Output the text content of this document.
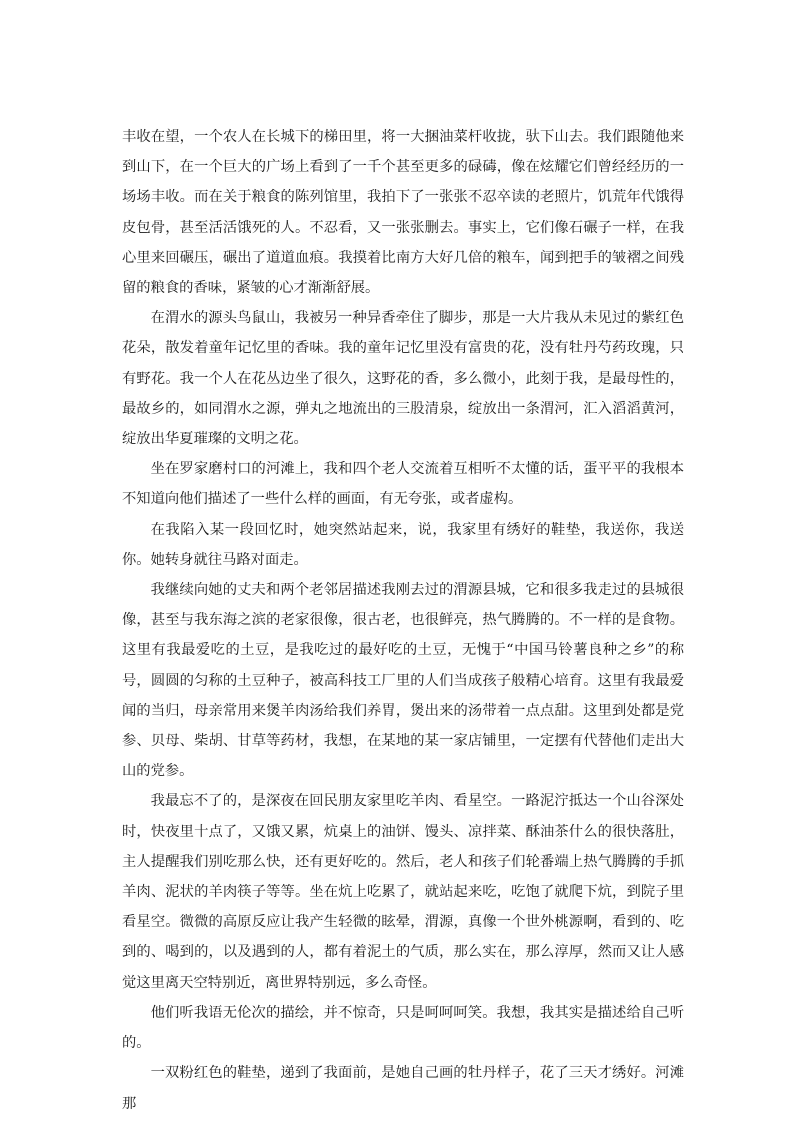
丰收在望，一个农人在长城下的梯田里，将一大捆油菜杆收拢，驮下山去。我们跟随他来到山下，在一个巨大的广场上看到了一千个甚至更多的碌碡，像在炫耀它们曾经经历的一场场丰收。而在关于粮食的陈列馆里，我拍下了一张张不忍卒读的老照片，饥荒年代饿得皮包骨，甚至活活饿死的人。不忍看，又一张张删去。事实上，它们像石碾子一样，在我心里来回碾压，碾出了道道血痕。我摸着比南方大好几倍的粮车，闻到把手的皱褶之间残留的粮食的香味，紧皱的心才渐渐舒展。

在渭水的源头鸟鼠山，我被另一种异香牵住了脚步，那是一大片我从未见过的紫红色花朵，散发着童年记忆里的香味。我的童年记忆里没有富贵的花，没有牡丹芍药玫瑰，只有野花。我一个人在花丛边坐了很久，这野花的香，多么微小，此刻于我，是最母性的，最故乡的，如同渭水之源，弹丸之地流出的三股清泉，绽放出一条渭河，汇入滔滔黄河，绽放出华夏璀璨的文明之花。

坐在罗家磨村口的河滩上，我和四个老人交流着互相听不太懂的话，蛋平平的我根本不知道向他们描述了一些什么样的画面，有无夸张，或者虚构。

在我陷入某一段回忆时，她突然站起来，说，我家里有绣好的鞋垫，我送你，我送你。她转身就往马路对面走。

我继续向她的丈夫和两个老邻居描述我刚去过的渭源县城，它和很多我走过的县城很像，甚至与我东海之滨的老家很像，很古老，也很鲜亮，热气腾腾的。不一样的是食物。这里有我最爱吃的土豆，是我吃过的最好吃的土豆，无愧于“中国马铃薯良种之乡”的称号，圆圆的匀称的土豆种子，被高科技工厂里的人们当成孩子般精心培育。这里有我最爱闻的当归，母亲常用来煲羊肉汤给我们养胃，煲出来的汤带着一点点甜。这里到处都是党参、贝母、柴胡、甘草等药材，我想，在某地的某一家店铺里，一定摆有代替他们走出大山的党参。

我最忘不了的，是深夜在回民朋友家里吃羊肉、看星空。一路泥泞抵达一个山谷深处时，快夜里十点了，又饿又累，炕桌上的油饼、馒头、凉拌菜、酥油茶什么的很快落肚，主人提醒我们别吃那么快，还有更好吃的。然后，老人和孩子们轮番端上热气腾腾的手抓羊肉、泥状的羊肉筷子等等。坐在炕上吃累了，就站起来吃，吃饱了就爬下炕，到院子里看星空。微微的高原反应让我产生轻微的眩晕，渭源，真像一个世外桃源啊，看到的、吃到的、喝到的，以及遇到的人，都有着泥土的气质，那么实在，那么淳厚，然而又让人感觉这里离天空特别近，离世界特别远，多么奇怪。

他们听我语无伦次的描绘，并不惊奇，只是呵呵呵笑。我想，我其实是描述给自己听的。

一双粉红色的鞋垫，递到了我面前，是她自己画的牡丹样子，花了三天才绣好。河滩那
